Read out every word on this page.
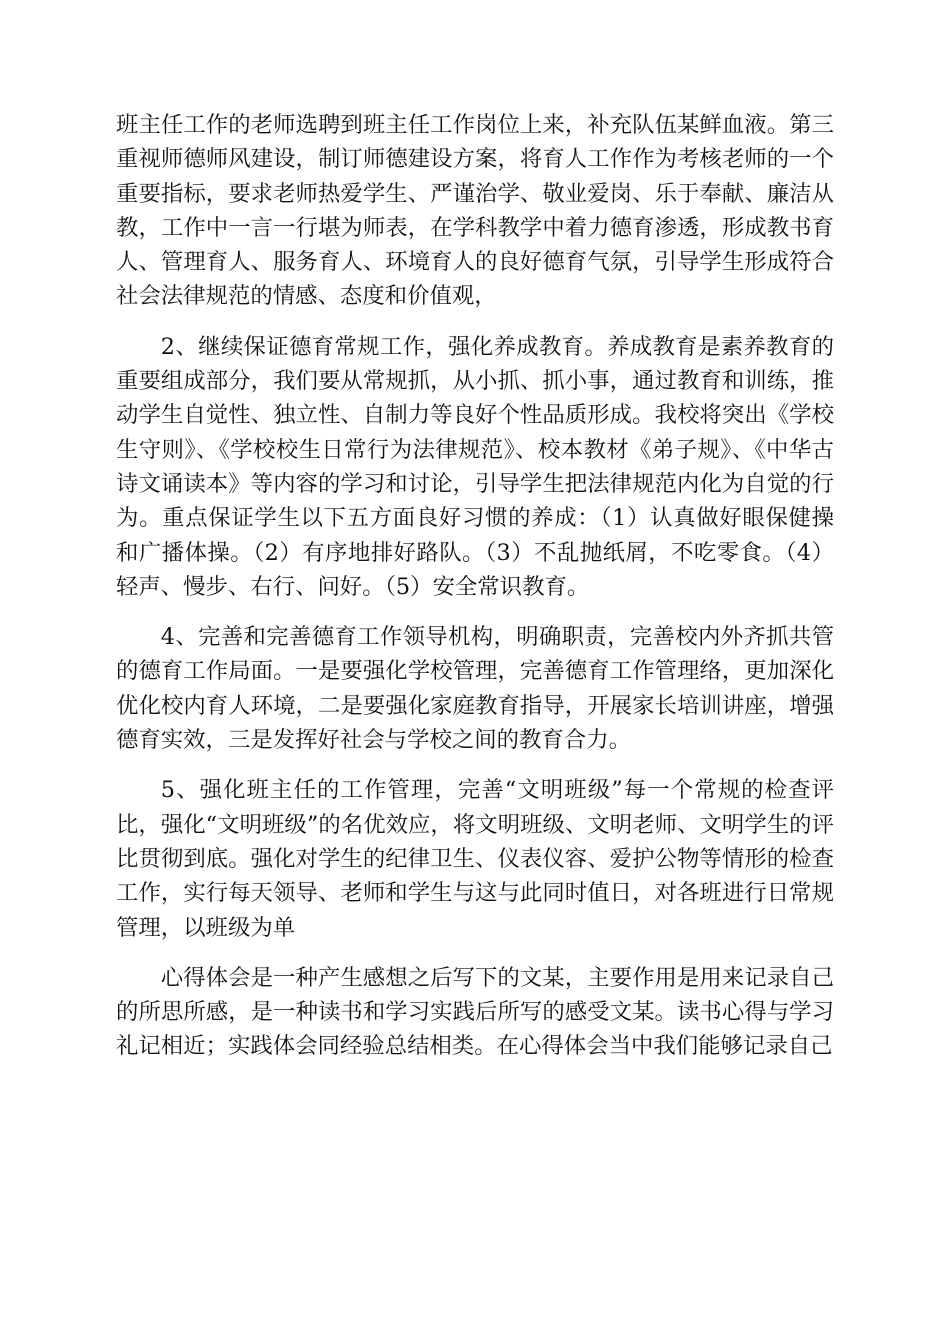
班主任工作的老师选聘到班主任工作岗位上来，补充队伍某鲜血液。第三重视师德师风建设，制订师德建设方案，将育人工作作为考核老师的一个重要指标，要求老师热爱学生、严谨治学、敬业爱岗、乐于奉献、廉洁从教，工作中一言一行堪为师表，在学科教学中着力德育渗透，形成教书育人、管理育人、服务育人、环境育人的良好德育气氛，引导学生形成符合社会法律规范的情感、态度和价值观，

2、继续保证德育常规工作，强化养成教育。养成教育是素养教育的重要组成部分，我们要从常规抓，从小抓、抓小事，通过教育和训练，推动学生自觉性、独立性、自制力等良好个性品质形成。我校将突出《学校生守则》、《学校校生日常行为法律规范》、校本教材《弟子规》、《中华古诗文诵读本》等内容的学习和讨论，引导学生把法律规范内化为自觉的行为。重点保证学生以下五方面良好习惯的养成：（1）认真做好眼保健操和广播体操。（2）有序地排好路队。（3）不乱抛纸屑，不吃零食。（4）轻声、慢步、右行、问好。（5）安全常识教育。

4、完善和完善德育工作领导机构，明确职责，完善校内外齐抓共管的德育工作局面。一是要强化学校管理，完善德育工作管理络，更加深化优化校内育人环境，二是要强化家庭教育指导，开展家长培训讲座，增强德育实效，三是发挥好社会与学校之间的教育合力。

5、强化班主任的工作管理，完善“文明班级”每一个常规的检查评比，强化“文明班级”的名优效应，将文明班级、文明老师、文明学生的评比贯彻到底。强化对学生的纪律卫生、仪表仪容、爱护公物等情形的检查工作，实行每天领导、老师和学生与这与此同时值日，对各班进行日常规管理，以班级为单

心得体会是一种产生感想之后写下的文某，主要作用是用来记录自己的所思所感，是一种读书和学习实践后所写的感受文某。读书心得与学习礼记相近；实践体会同经验总结相类。在心得体会当中我们能够记录自己
